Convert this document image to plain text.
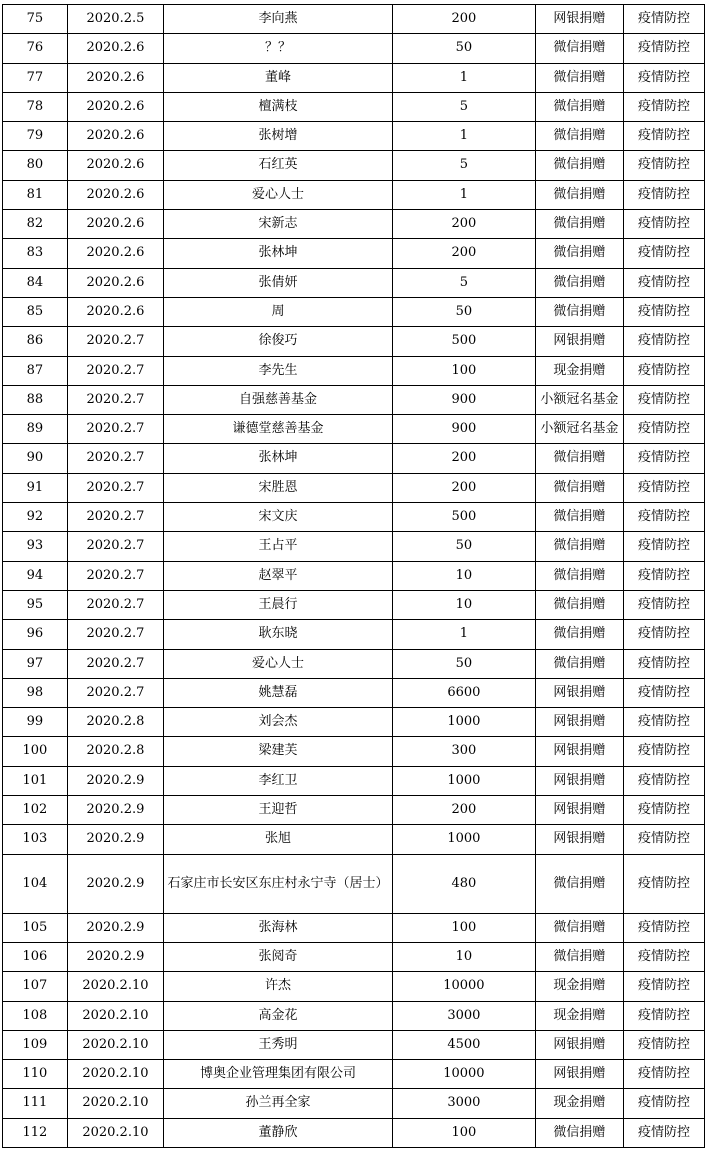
75	2020.2.5	李向燕	200	网银捐赠	疫情防控
76	2020.2.6	？？	50	微信捐赠	疫情防控
77	2020.2.6	董峰	1	微信捐赠	疫情防控
78	2020.2.6	檀满枝	5	微信捐赠	疫情防控
79	2020.2.6	张树增	1	微信捐赠	疫情防控
80	2020.2.6	石红英	5	微信捐赠	疫情防控
81	2020.2.6	爱心人士	1	微信捐赠	疫情防控
82	2020.2.6	宋新志	200	微信捐赠	疫情防控
83	2020.2.6	张林坤	200	微信捐赠	疫情防控
84	2020.2.6	张倩妍	5	微信捐赠	疫情防控
85	2020.2.6	周	50	微信捐赠	疫情防控
86	2020.2.7	徐俊巧	500	网银捐赠	疫情防控
87	2020.2.7	李先生	100	现金捐赠	疫情防控
88	2020.2.7	自强慈善基金	900	小额冠名基金	疫情防控
89	2020.2.7	谦德堂慈善基金	900	小额冠名基金	疫情防控
90	2020.2.7	张林坤	200	微信捐赠	疫情防控
91	2020.2.7	宋胜恩	200	微信捐赠	疫情防控
92	2020.2.7	宋文庆	500	微信捐赠	疫情防控
93	2020.2.7	王占平	50	微信捐赠	疫情防控
94	2020.2.7	赵翠平	10	微信捐赠	疫情防控
95	2020.2.7	王晨行	10	微信捐赠	疫情防控
96	2020.2.7	耿东晓	1	微信捐赠	疫情防控
97	2020.2.7	爱心人士	50	微信捐赠	疫情防控
98	2020.2.7	姚慧磊	6600	网银捐赠	疫情防控
99	2020.2.8	刘会杰	1000	网银捐赠	疫情防控
100	2020.2.8	梁建芙	300	网银捐赠	疫情防控
101	2020.2.9	李红卫	1000	网银捐赠	疫情防控
102	2020.2.9	王迎哲	200	网银捐赠	疫情防控
103	2020.2.9	张旭	1000	网银捐赠	疫情防控
104	2020.2.9	石家庄市长安区东庄村永宁寺（居士）	480	微信捐赠	疫情防控
105	2020.2.9	张海林	100	微信捐赠	疫情防控
106	2020.2.9	张阅奇	10	微信捐赠	疫情防控
107	2020.2.10	许杰	10000	现金捐赠	疫情防控
108	2020.2.10	高金花	3000	现金捐赠	疫情防控
109	2020.2.10	王秀明	4500	网银捐赠	疫情防控
110	2020.2.10	博奥企业管理集团有限公司	10000	网银捐赠	疫情防控
111	2020.2.10	孙兰再全家	3000	现金捐赠	疫情防控
112	2020.2.10	董静欣	100	微信捐赠	疫情防控
